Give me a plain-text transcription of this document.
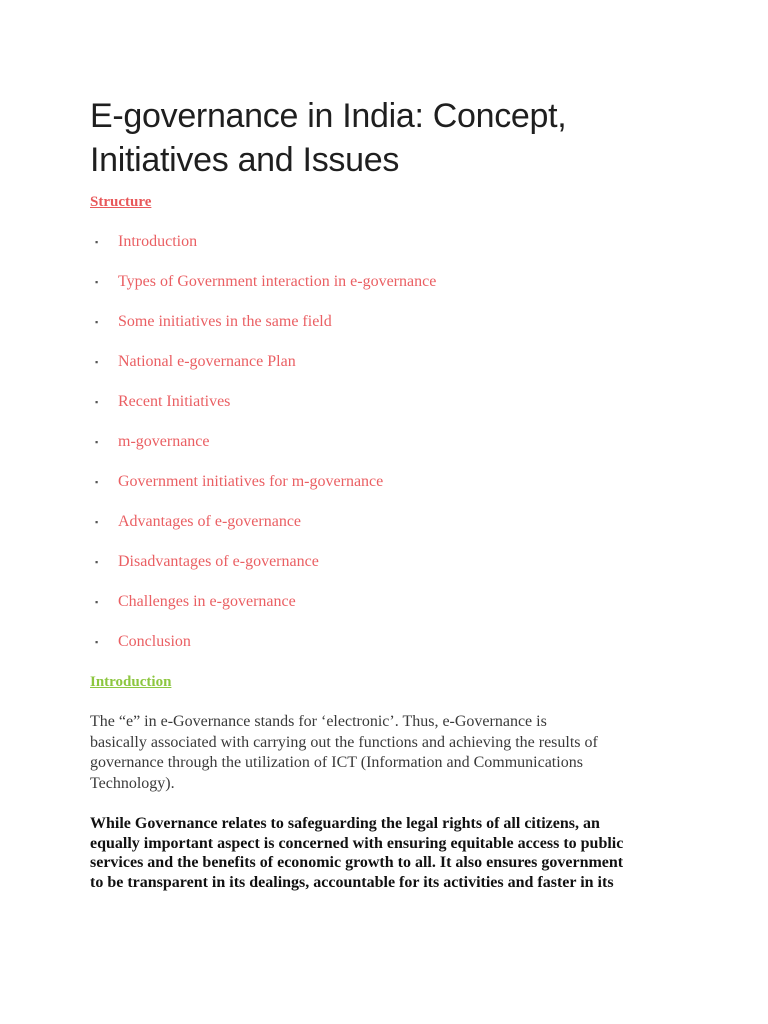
E-governance in India: Concept,
Initiatives and Issues
Structure
▪	Introduction
▪	Types of Government interaction in e-governance
▪	Some initiatives in the same field
▪	National e-governance Plan
▪	Recent Initiatives
▪	m-governance
▪	Government initiatives for m-governance
▪	Advantages of e-governance
▪	Disadvantages of e-governance
▪	Challenges in e-governance
▪	Conclusion
Introduction

The “e” in e-Governance stands for ‘electronic’. Thus, e-Governance is
basically associated with carrying out the functions and achieving the results of
governance through the utilization of ICT (Information and Communications
Technology).

While Governance relates to safeguarding the legal rights of all citizens, an
equally important aspect is concerned with ensuring equitable access to public
services and the benefits of economic growth to all. It also ensures government
to be transparent in its dealings, accountable for its activities and faster in its
